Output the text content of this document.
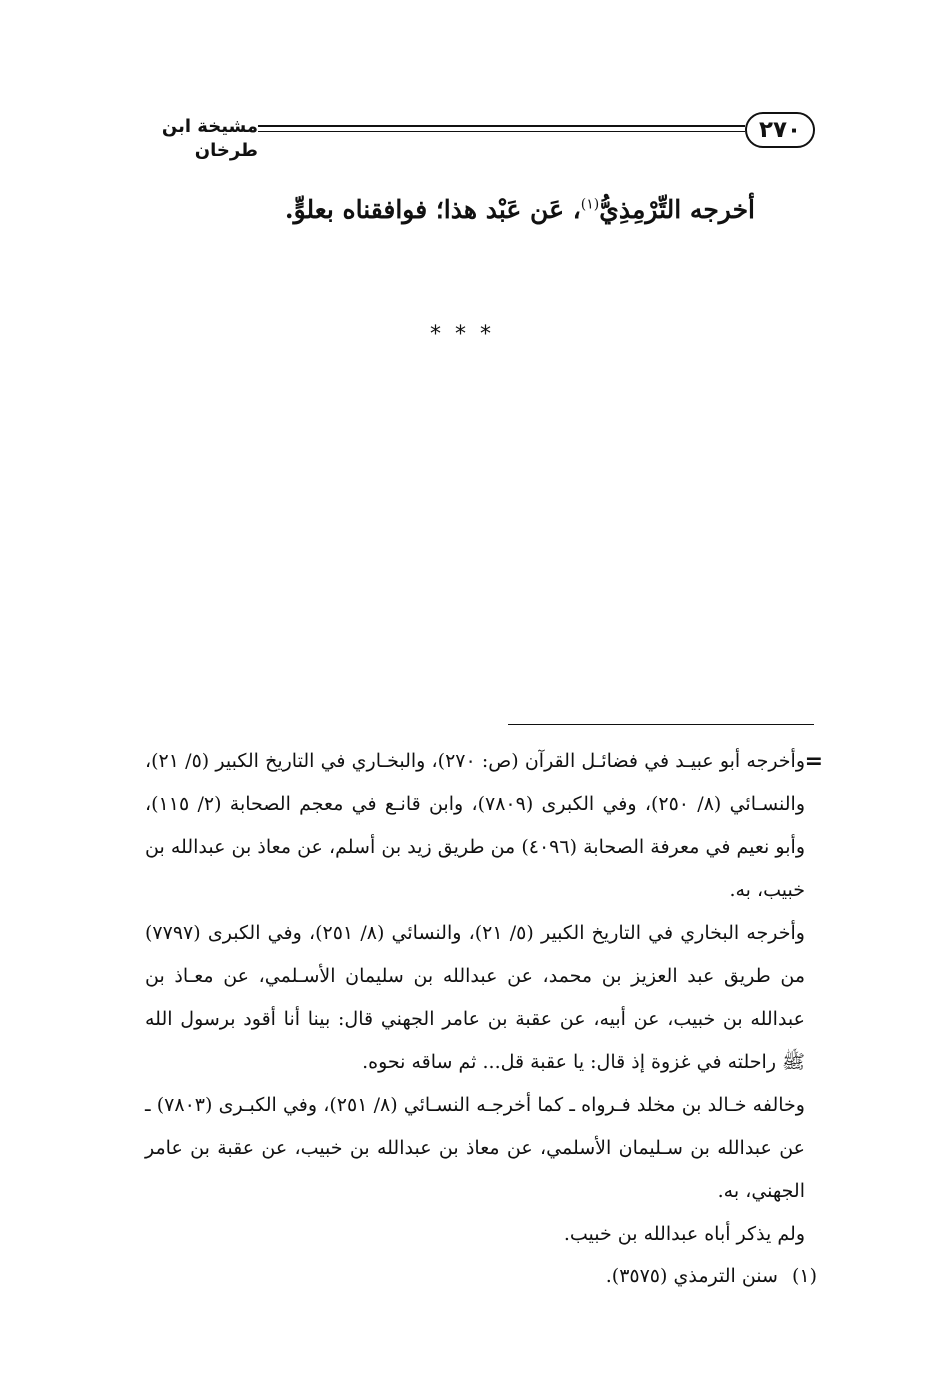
٢٧٠
مشيخة ابن طرخان
أخرجه التِّرْمِذِيُّ$^{(١)}$، عَن عَبْد هذا؛ فوافقناه بعلوٍّ.
***
=

وأخرجه أبو عبيـد في فضائـل القرآن (ص: ٢٧٠)، والبخـاري في التاريخ الكبير (٥/ ٢١)، والنسـائي (٨/ ٢٥٠)، وفي الكبرى (٧٨٠٩)، وابن قانـع في معجم الصحابة (٢/ ١١٥)، وأبو نعيم في معرفة الصحابة (٤٠٩٦) من طريق زيد بن أسلم، عن معاذ بن عبدالله بن خبيب، به.

وأخرجه البخاري في التاريخ الكبير (٥/ ٢١)، والنسائي (٨/ ٢٥١)، وفي الكبرى (٧٧٩٧) من طريق عبد العزيز بن محمد، عن عبدالله بن سليمان الأسـلمي، عن معـاذ بن عبدالله بن خبيب، عن أبيه، عن عقبة بن عامر الجهني قال: بينا أنا أقود برسول الله ﷺ راحلته في غزوة إذ قال: يا عقبة قل... ثم ساقه نحوه.

وخالفه خـالد بن مخلد فـرواه ـ كما أخرجـه النسـائي (٨/ ٢٥١)، وفي الكبـرى (٧٨٠٣) ـ عن عبدالله بن سـليمان الأسلمي، عن معاذ بن عبدالله بن خبيب، عن عقبة بن عامر الجهني، به.

ولم يذكر أباه عبدالله بن خبيب.

(١)سنن الترمذي (٣٥٧٥).
